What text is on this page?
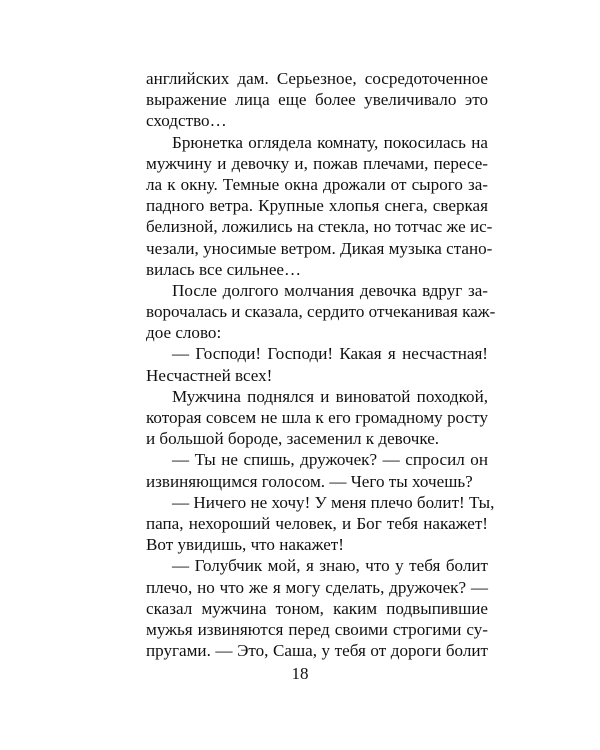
английских дам. Серьезное, сосредоточенное
выражение лица еще более увеличивало это
сходство…
Брюнетка оглядела комнату, покосилась на
мужчину и девочку и, пожав плечами, пересе-
ла к окну. Темные окна дрожали от сырого за-
падного ветра. Крупные хлопья снега, сверкая
белизной, ложились на стекла, но тотчас же ис-
чезали, уносимые ветром. Дикая музыка стано-
вилась все сильнее…
После долгого молчания девочка вдруг за-
ворочалась и сказала, сердито отчеканивая каж-
дое слово:
— Господи! Господи! Какая я несчастная!
Несчастней всех!
Мужчина поднялся и виноватой походкой,
которая совсем не шла к его громадному росту
и большой бороде, засеменил к девочке.
— Ты не спишь, дружочек? — спросил он
извиняющимся голосом. — Чего ты хочешь?
— Ничего не хочу! У меня плечо болит! Ты,
папа, нехороший человек, и Бог тебя накажет!
Вот увидишь, что накажет!
— Голубчик мой, я знаю, что у тебя болит
плечо, но что же я могу сделать, дружочек? —
сказал мужчина тоном, каким подвыпившие
мужья извиняются перед своими строгими су-
пругами. — Это, Саша, у тебя от дороги болит
18
